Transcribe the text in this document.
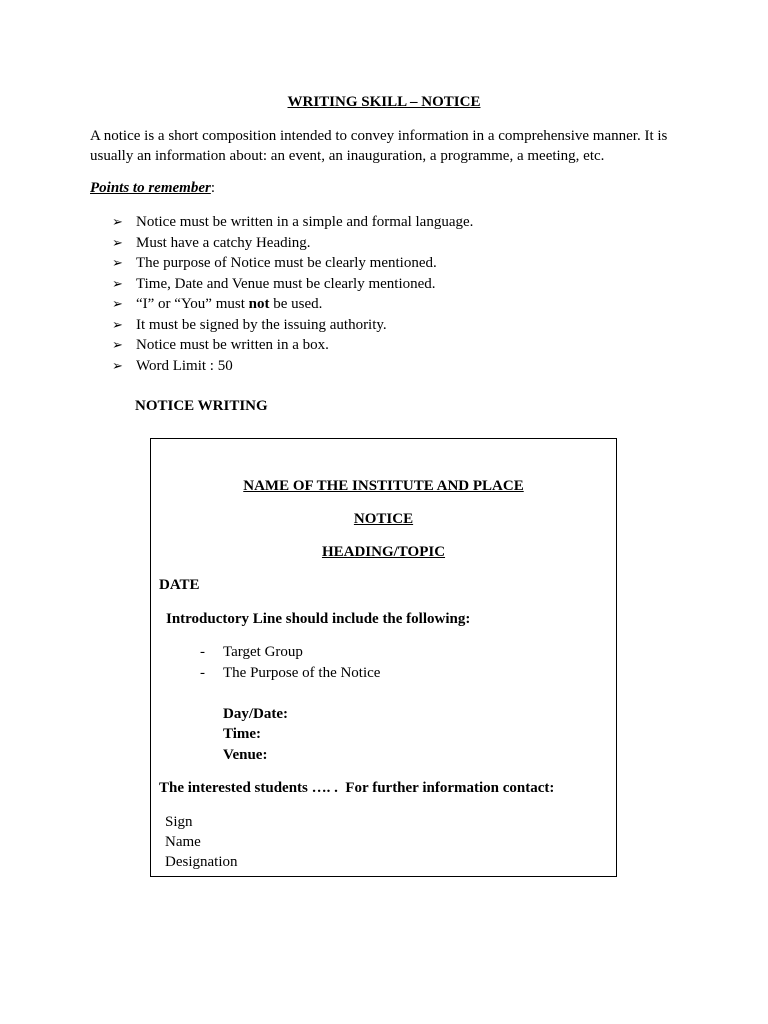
WRITING SKILL – NOTICE
A notice is a short composition intended to convey information in a comprehensive manner. It is usually an information about: an event, an inauguration, a programme, a meeting, etc.
Points to remember:
➢ Notice must be written in a simple and formal language.
➢ Must have a catchy Heading.
➢ The purpose of Notice must be clearly mentioned.
➢ Time, Date and Venue must be clearly mentioned.
➢ “I” or “You” must not be used.
➢ It must be signed by the issuing authority.
➢ Notice must be written in a box.
➢ Word Limit : 50
NOTICE WRITING
NAME OF THE INSTITUTE AND PLACE
NOTICE
HEADING/TOPIC
DATE
Introductory Line should include the following:
- Target Group
- The Purpose of the Notice
Day/Date:
Time:
Venue:
The interested students …. .  For further information contact:
Sign
Name
Designation
